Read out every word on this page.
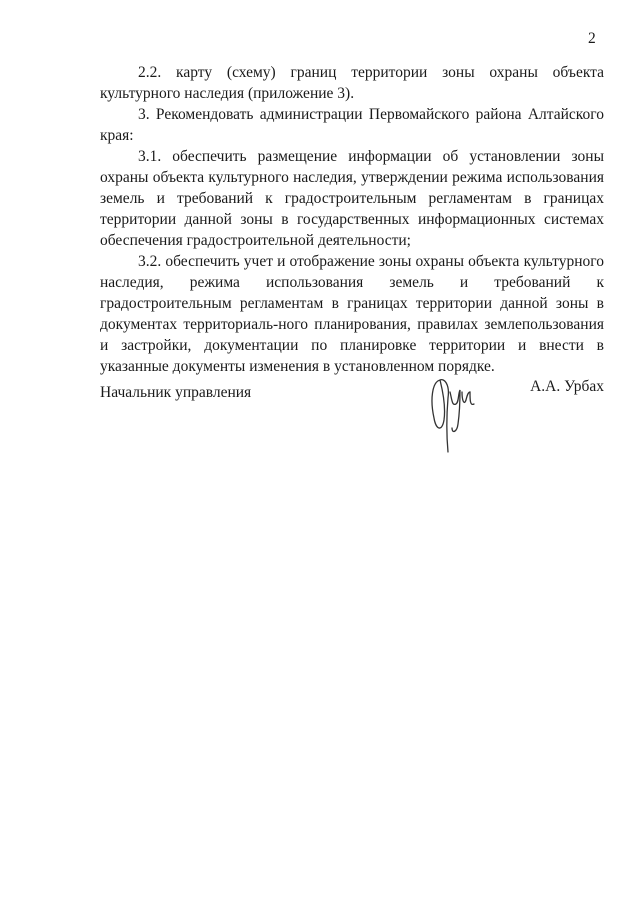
2

2.2. карту (схему) границ территории зоны охраны объекта культурного наследия (приложение 3).

3. Рекомендовать администрации Первомайского района Алтайского края:

3.1. обеспечить размещение информации об установлении зоны охраны объекта культурного наследия, утверждении режима использования земель и требований к градостроительным регламентам в границах территории данной зоны в государственных информационных системах обеспечения градостроительной деятельности;

3.2. обеспечить учет и отображение зоны охраны объекта культурного наследия, режима использования земель и требований к градостроительным регламентам в границах территории данной зоны в документах территориаль-ного планирования, правилах землепользования и застройки, документации по планировке территории и внести в указанные документы изменения в установленном порядке.

Начальник управления	А.А. Урбах
